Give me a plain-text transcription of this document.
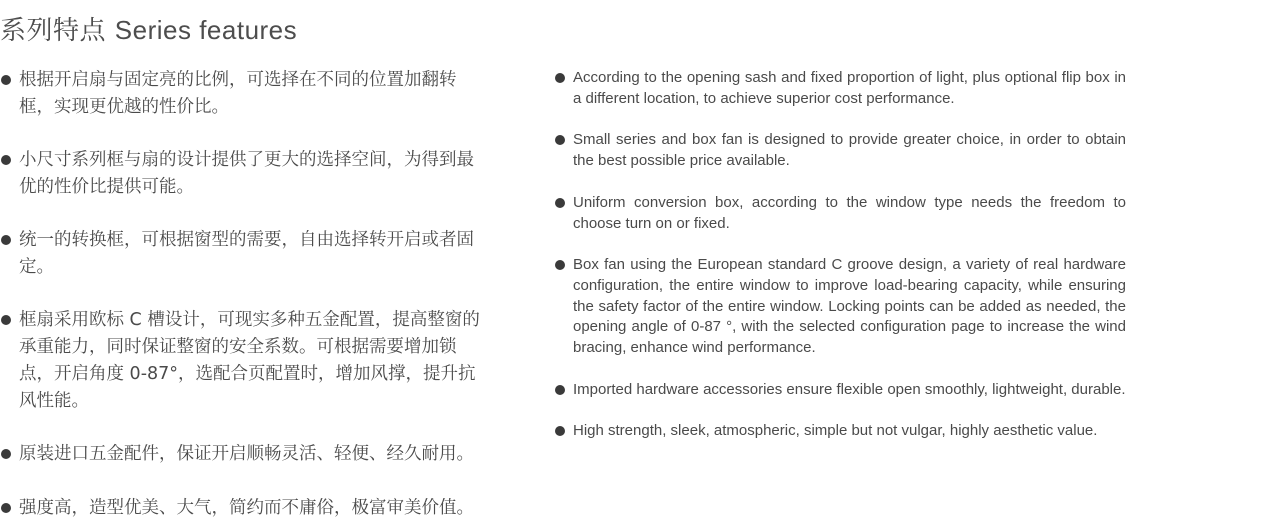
系列特点 Series features
根据开启扇与固定亮的比例，可选择在不同的位置加翻转框，实现更优越的性价比。
小尺寸系列框与扇的设计提供了更大的选择空间，为得到最优的性价比提供可能。
统一的转换框，可根据窗型的需要，自由选择转开启或者固定。
框扇采用欧标 C 槽设计，可现实多种五金配置，提高整窗的承重能力，同时保证整窗的安全系数。可根据需要增加锁点，开启角度 0-87°，选配合页配置时，增加风撑，提升抗风性能。
原装进口五金配件，保证开启顺畅灵活、轻便、经久耐用。
强度高，造型优美、大气，简约而不庸俗，极富审美价值。
According to the opening sash and fixed proportion of light, plus optional flip box in a different location, to achieve superior cost performance.
Small series and box fan is designed to provide greater choice, in order to obtain the best possible price available.
Uniform conversion box, according to the window type needs the freedom to choose turn on or fixed.
Box fan using the European standard C groove design, a variety of real hardware configuration, the entire window to improve load-bearing capacity, while ensuring the safety factor of the entire window. Locking points can be added as needed, the opening angle of 0-87 °, with the selected configuration page to increase the wind bracing, enhance wind performance.
Imported hardware accessories ensure flexible open smoothly, lightweight, durable.
High strength, sleek, atmospheric, simple but not vulgar, highly aesthetic value.
